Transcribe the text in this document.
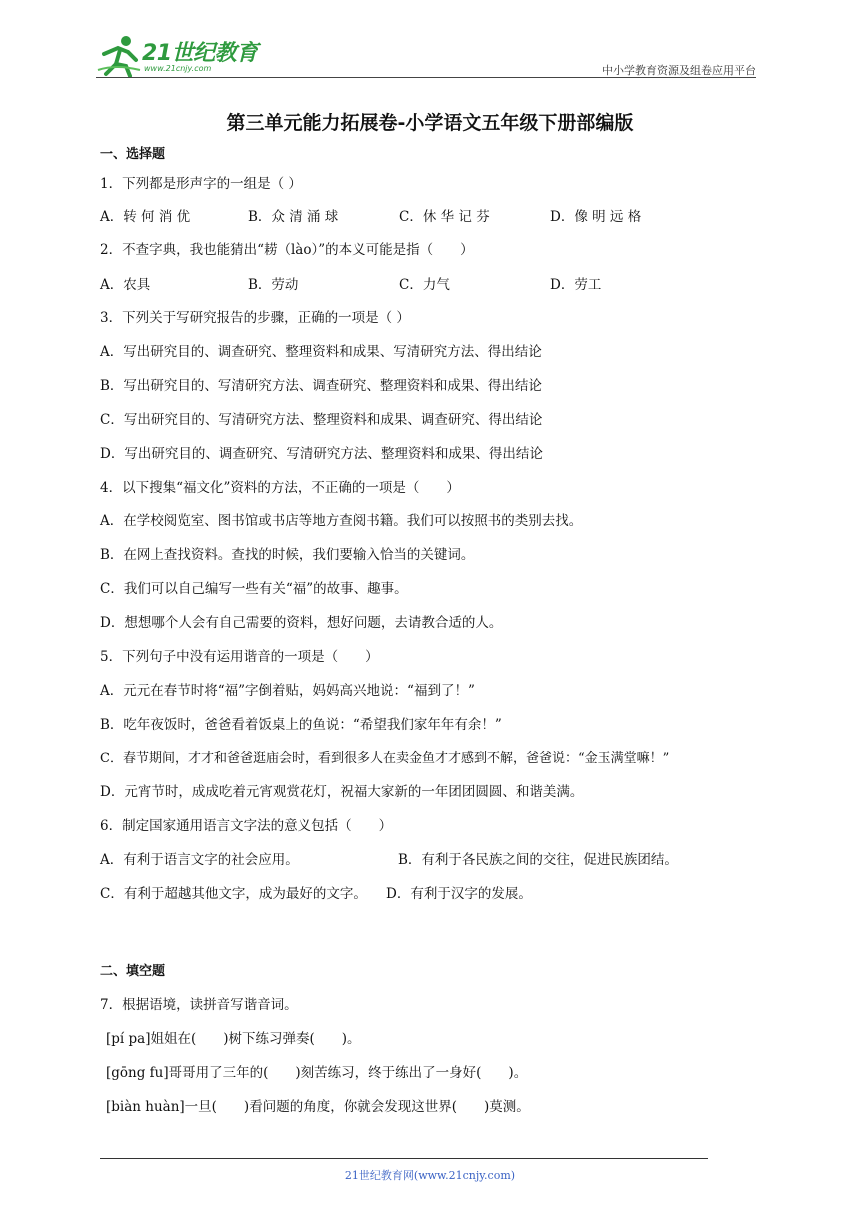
21世纪教育
www.21cnjy.com	中小学教育资源及组卷应用平台
第三单元能力拓展卷-小学语文五年级下册部编版
一、选择题
1．下列都是形声字的一组是（ ）
A．转 何 消 优	B．众 清 涌 球	C．休 华 记 芬	D．像 明 远 格
2．不查字典，我也能猜出“耢（lào）”的本义可能是指（　　）
A．农具	B．劳动	C．力气	D．劳工
3．下列关于写研究报告的步骤，正确的一项是（ ）
A．写出研究目的、调查研究、整理资料和成果、写清研究方法、得出结论
B．写出研究目的、写清研究方法、调查研究、整理资料和成果、得出结论
C．写出研究目的、写清研究方法、整理资料和成果、调查研究、得出结论
D．写出研究目的、调查研究、写清研究方法、整理资料和成果、得出结论
4．以下搜集“福文化”资料的方法，不正确的一项是（　　）
A．在学校阅览室、图书馆或书店等地方查阅书籍。我们可以按照书的类别去找。
B．在网上查找资料。查找的时候，我们要输入恰当的关键词。
C．我们可以自己编写一些有关“福”的故事、趣事。
D．想想哪个人会有自己需要的资料，想好问题，去请教合适的人。
5．下列句子中没有运用谐音的一项是（　　）
A．元元在春节时将“福”字倒着贴，妈妈高兴地说：“福到了！”
B．吃年夜饭时，爸爸看着饭桌上的鱼说：“希望我们家年年有余！”
C．春节期间，才才和爸爸逛庙会时，看到很多人在卖金鱼才才感到不解，爸爸说：“金玉满堂嘛！”
D．元宵节时，成成吃着元宵观赏花灯，祝福大家新的一年团团圆圆、和谐美满。
6．制定国家通用语言文字法的意义包括（　　）
A．有利于语言文字的社会应用。	B．有利于各民族之间的交往，促进民族团结。
C．有利于超越其他文字，成为最好的文字。 D．有利于汉字的发展。
二、填空题
7．根据语境，读拼音写谐音词。
[pí pa]姐姐在(　　)树下练习弹奏(　　)。
[gōng fu]哥哥用了三年的(　　)刻苦练习，终于练出了一身好(　　)。
[biàn huàn]一旦(　　)看问题的角度，你就会发现这世界(　　)莫测。
21世纪教育网(www.21cnjy.com)
